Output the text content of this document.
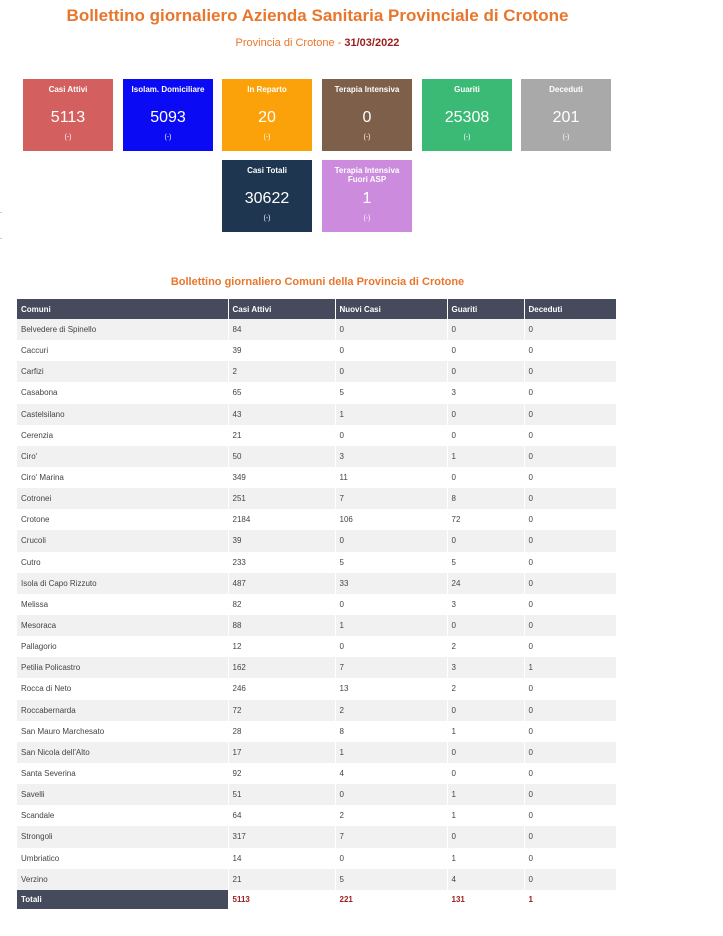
Bollettino giornaliero Azienda Sanitaria Provinciale di Crotone
Provincia di Crotone - 31/03/2022
Casi Attivi
5113
(-)
Isolam. Domiciliare
5093
(-)
In Reparto
20
(-)
Terapia Intensiva
0
(-)
Guariti
25308
(-)
Deceduti
201
(-)
Casi Totali
30622
(-)
Terapia Intensiva Fuori ASP
1
(-)
Bollettino giornaliero Comuni della Provincia di Crotone
Comuni	Casi Attivi	Nuovi Casi	Guariti	Deceduti
Belvedere di Spinello	84	0	0	0
Caccuri	39	0	0	0
Carfizi	2	0	0	0
Casabona	65	5	3	0
Castelsilano	43	1	0	0
Cerenzia	21	0	0	0
Ciro'	50	3	1	0
Ciro' Marina	349	11	0	0
Cotronei	251	7	8	0
Crotone	2184	106	72	0
Crucoli	39	0	0	0
Cutro	233	5	5	0
Isola di Capo Rizzuto	487	33	24	0
Melissa	82	0	3	0
Mesoraca	88	1	0	0
Pallagorio	12	0	2	0
Petilia Policastro	162	7	3	1
Rocca di Neto	246	13	2	0
Roccabernarda	72	2	0	0
San Mauro Marchesato	28	8	1	0
San Nicola dell'Alto	17	1	0	0
Santa Severina	92	4	0	0
Savelli	51	0	1	0
Scandale	64	2	1	0
Strongoli	317	7	0	0
Umbriatico	14	0	1	0
Verzino	21	5	4	0
Totali	5113	221	131	1
